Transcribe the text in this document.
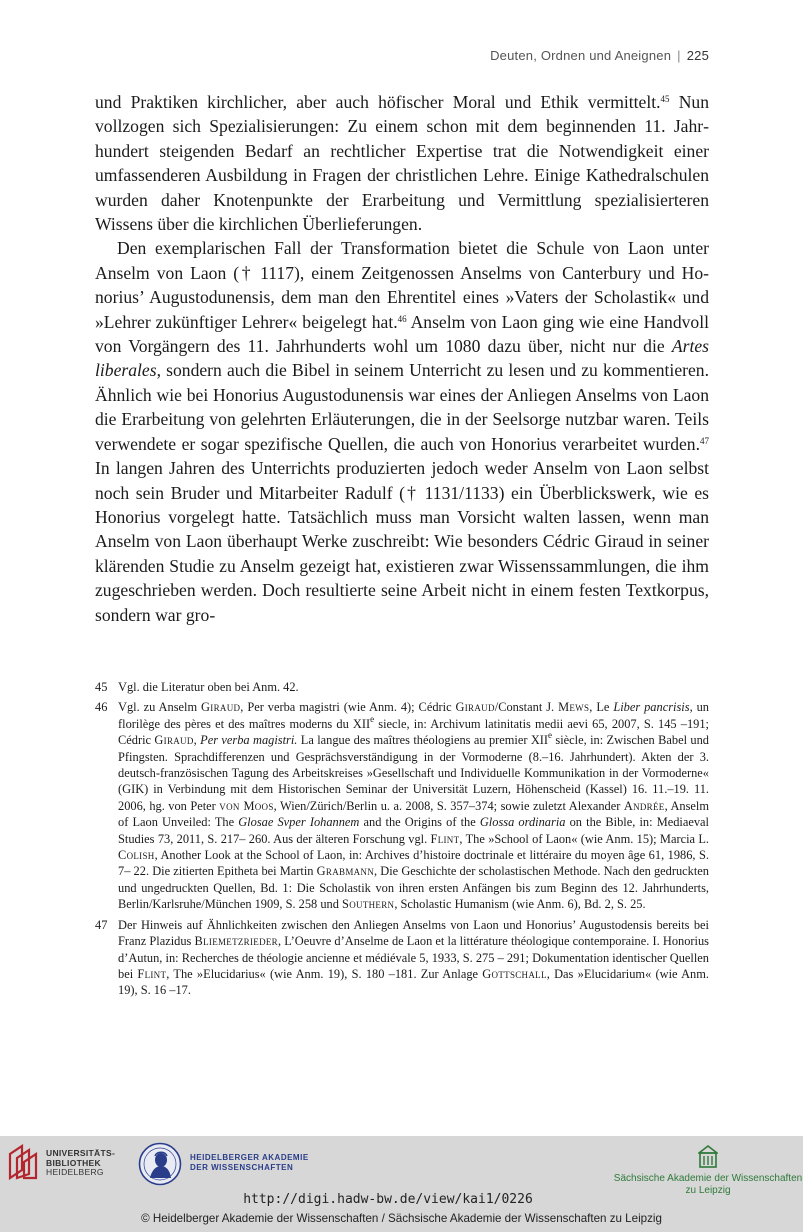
Deuten, Ordnen und Aneignen | 225

und Praktiken kirchlicher, aber auch höfischer Moral und Ethik vermittelt.$^{45}$ Nun vollzogen sich Spezialisierungen: Zu einem schon mit dem beginnenden 11. Jahrhundert steigenden Bedarf an rechtlicher Expertise trat die Notwendigkeit einer umfassenderen Ausbildung in Fragen der christlichen Lehre. Einige Kathedralschulen wurden daher Knotenpunkte der Erarbeitung und Vermittlung spezialisierteren Wissens über die kirchlichen Überlieferungen.

Den exemplarischen Fall der Transformation bietet die Schule von Laon unter Anselm von Laon († 1117), einem Zeitgenossen Anselms von Canterbury und Honorius’ Augustodunensis, dem man den Ehrentitel eines »Vaters der Scholastik« und »Lehrer zukünftiger Lehrer« beigelegt hat.$^{46}$ Anselm von Laon ging wie eine Handvoll von Vorgängern des 11. Jahrhunderts wohl um 1080 dazu über, nicht nur die Artes liberales, sondern auch die Bibel in seinem Unterricht zu lesen und zu kommentieren. Ähnlich wie bei Honorius Augustodunensis war eines der Anliegen Anselms von Laon die Erarbeitung von gelehrten Erläuterungen, die in der Seelsorge nutzbar waren. Teils verwendete er sogar spezifische Quellen, die auch von Honorius verarbeitet wurden.$^{47}$ In langen Jahren des Unterrichts produzierten jedoch weder Anselm von Laon selbst noch sein Bruder und Mitarbeiter Radulf († 1131/1133) ein Überblickswerk, wie es Honorius vorgelegt hatte. Tatsächlich muss man Vorsicht walten lassen, wenn man Anselm von Laon überhaupt Werke zuschreibt: Wie besonders Cédric Giraud in seiner klärenden Studie zu Anselm gezeigt hat, existieren zwar Wissenssammlungen, die ihm zugeschrieben werden. Doch resultierte seine Arbeit nicht in einem festen Textkorpus, sondern war gro-

45 Vgl. die Literatur oben bei Anm. 42.
46 Vgl. zu Anselm Giraud, Per verba magistri (wie Anm. 4); Cédric Giraud/Constant J. Mews, Le Liber pancrisis, un florilège des pères et des maîtres moderns du XIIe siecle, in: Archivum latinitatis medii aevi 65, 2007, S. 145 –191; Cédric Giraud, Per verba magistri. La langue des maîtres théologiens au premier XIIe siècle, in: Zwischen Babel und Pfingsten. Sprachdifferenzen und Gesprächsverständigung in der Vormoderne (8.–16. Jahrhundert). Akten der 3. deutsch-französischen Tagung des Arbeitskreises »Gesellschaft und Individuelle Kommunikation in der Vormoderne« (GIK) in Verbindung mit dem Historischen Seminar der Universität Luzern, Höhenscheid (Kassel) 16. 11.–19. 11. 2006, hg. von Peter von Moos, Wien/Zürich/Berlin u. a. 2008, S. 357–374; sowie zuletzt Alexander Andrée, Anselm of Laon Unveiled: The Glosae Svper Iohannem and the Origins of the Glossa ordinaria on the Bible, in: Mediaeval Studies 73, 2011, S. 217– 260. Aus der älteren Forschung vgl. Flint, The »School of Laon« (wie Anm. 15); Marcia L. Colish, Another Look at the School of Laon, in: Archives d’histoire doctrinale et littéraire du moyen âge 61, 1986, S. 7– 22. Die zitierten Epitheta bei Martin Grabmann, Die Geschichte der scholastischen Methode. Nach den gedruckten und ungedruckten Quellen, Bd. 1: Die Scholastik von ihren ersten Anfängen bis zum Beginn des 12. Jahrhunderts, Berlin/Karlsruhe/München 1909, S. 258 und Southern, Scholastic Humanism (wie Anm. 6), Bd. 2, S. 25.
47 Der Hinweis auf Ähnlichkeiten zwischen den Anliegen Anselms von Laon und Honorius’ Augustodensis bereits bei Franz Plazidus Bliemetzrieder, L’Oeuvre d’Anselme de Laon et la littérature théologique contemporaine. I. Honorius d’Autun, in: Recherches de théologie ancienne et médiévale 5, 1933, S. 275 – 291; Dokumentation identischer Quellen bei Flint, The »Elucidarius« (wie Anm. 19), S. 180 –181. Zur Anlage Gottschall, Das »Elucidarium« (wie Anm. 19), S. 16 –17.
UNIVERSITÄTS-
BIBLIOTHEK
HEIDELBERG
HEIDELBERGER AKADEMIE
DER WISSENSCHAFTEN
Sächsische Akademie der Wissenschaften
zu Leipzig
http://digi.hadw-bw.de/view/kai1/0226
© Heidelberger Akademie der Wissenschaften / Sächsische Akademie der Wissenschaften zu Leipzig
